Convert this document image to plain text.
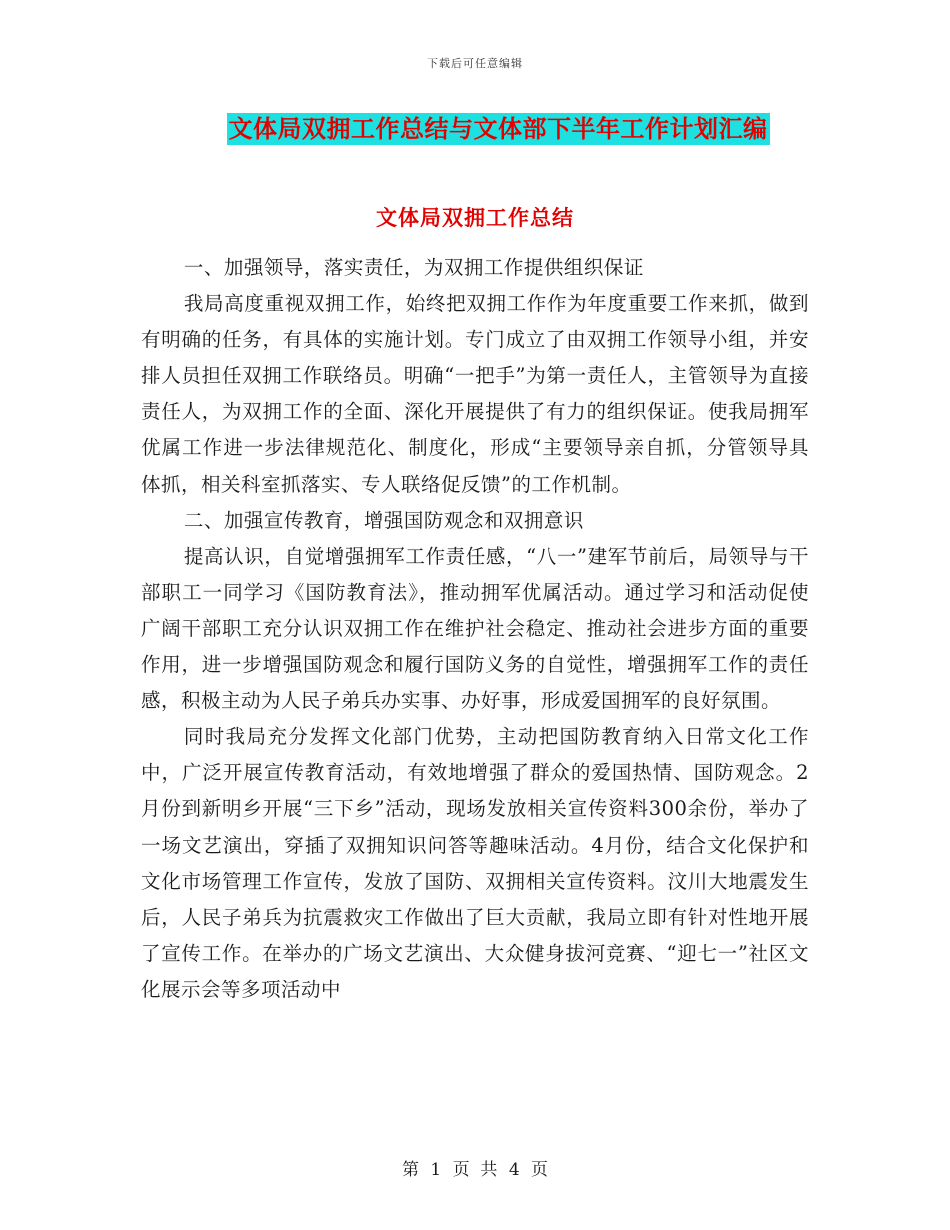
下载后可任意编辑
文体局双拥工作总结与文体部下半年工作计划汇编
文体局双拥工作总结

一、加强领导，落实责任，为双拥工作提供组织保证

我局高度重视双拥工作，始终把双拥工作作为年度重要工作来抓，做到有明确的任务，有具体的实施计划。专门成立了由双拥工作领导小组，并安排人员担任双拥工作联络员。明确“一把手”为第一责任人，主管领导为直接责任人，为双拥工作的全面、深化开展提供了有力的组织保证。使我局拥军优属工作进一步法律规范化、制度化，形成“主要领导亲自抓，分管领导具体抓，相关科室抓落实、专人联络促反馈”的工作机制。

二、加强宣传教育，增强国防观念和双拥意识

提高认识，自觉增强拥军工作责任感，“八一”建军节前后，局领导与干部职工一同学习《国防教育法》，推动拥军优属活动。通过学习和活动促使广阔干部职工充分认识双拥工作在维护社会稳定、推动社会进步方面的重要作用，进一步增强国防观念和履行国防义务的自觉性，增强拥军工作的责任感，积极主动为人民子弟兵办实事、办好事，形成爱国拥军的良好氛围。

同时我局充分发挥文化部门优势，主动把国防教育纳入日常文化工作中，广泛开展宣传教育活动，有效地增强了群众的爱国热情、国防观念。2月份到新明乡开展“三下乡”活动，现场发放相关宣传资料300余份，举办了一场文艺演出，穿插了双拥知识问答等趣味活动。4月份，结合文化保护和文化市场管理工作宣传，发放了国防、双拥相关宣传资料。汶川大地震发生后，人民子弟兵为抗震救灾工作做出了巨大贡献，我局立即有针对性地开展了宣传工作。在举办的广场文艺演出、大众健身拔河竞赛、“迎七一”社区文化展示会等多项活动中

第 1 页  共 4 页
